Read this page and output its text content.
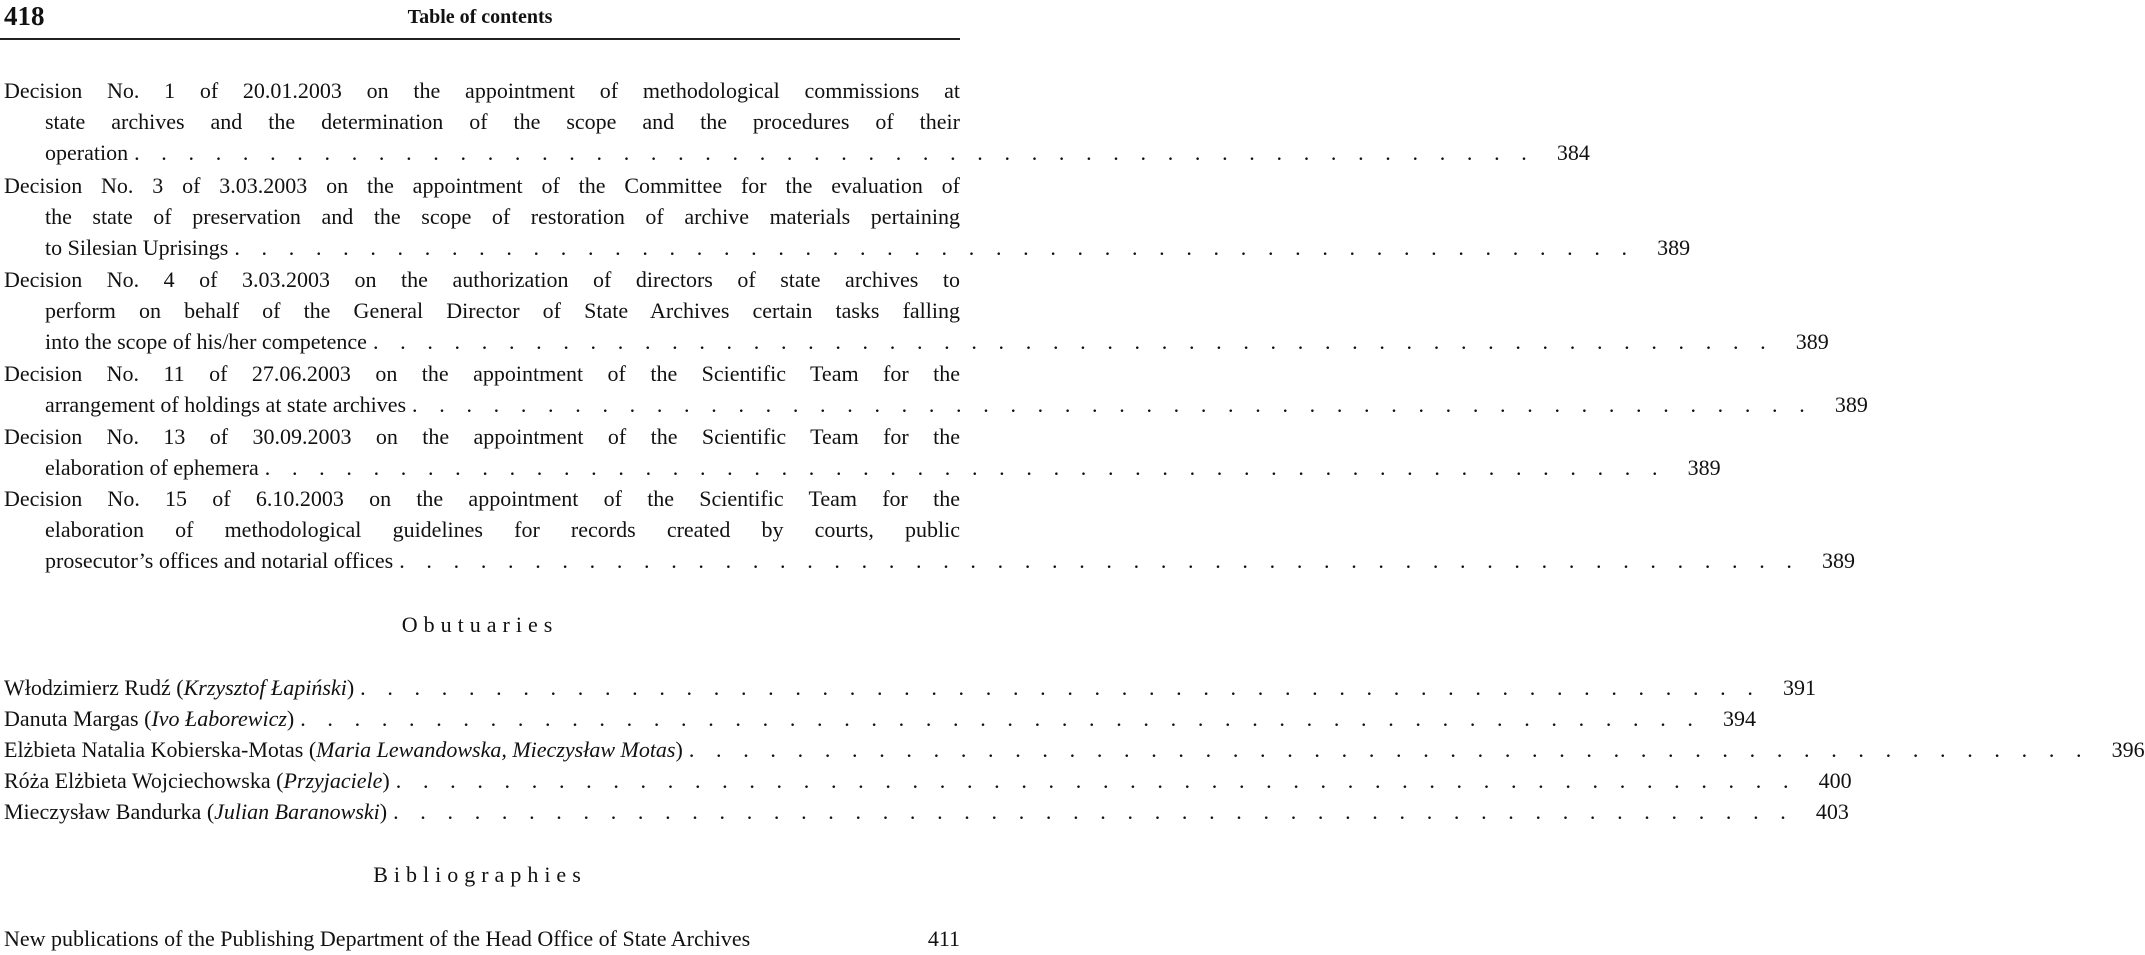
418	Table of contents
Decision No. 1 of 20.01.2003 on the appointment of methodological commissions at
state archives and the determination of the scope and the procedures of their
operation . . . . . . . . . . . . . . . . . . . . . . . . . . . . . . . . . . . . . . . . . . . . . . . . . . . . 384
Decision No. 3 of 3.03.2003 on the appointment of the Committee for the evaluation of
the state of preservation and the scope of restoration of archive materials pertaining
to Silesian Uprisings . . . . . . . . . . . . . . . . . . . . . . . . . . . . . . . . . . . . . . . . . . . . . . . . . . . . 389
Decision No. 4 of 3.03.2003 on the authorization of directors of state archives to
perform on behalf of the General Director of State Archives certain tasks falling
into the scope of his/her competence . . . . . . . . . . . . . . . . . . . . . . . . . . . . . . . . . . . . . . . . . . . . . . . . . . . . 389
Decision No. 11 of 27.06.2003 on the appointment of the Scientific Team for the
arrangement of holdings at state archives . . . . . . . . . . . . . . . . . . . . . . . . . . . . . . . . . . . . . . . . . . . . . . . . . . . . 389
Decision No. 13 of 30.09.2003 on the appointment of the Scientific Team for the
elaboration of ephemera . . . . . . . . . . . . . . . . . . . . . . . . . . . . . . . . . . . . . . . . . . . . . . . . . . . . 389
Decision No. 15 of 6.10.2003 on the appointment of the Scientific Team for the
elaboration of methodological guidelines for records created by courts, public
prosecutor’s offices and notarial offices . . . . . . . . . . . . . . . . . . . . . . . . . . . . . . . . . . . . . . . . . . . . . . . . . . . . 389
Obutuaries
Włodzimierz Rudź (Krzysztof Łapiński) . . . . . . . . . . . . . . . . . . . . . . . . . . . . . . . . . . . . . . . . . . . . . . . . . . . . 391
Danuta Margas (Ivo Łaborewicz) . . . . . . . . . . . . . . . . . . . . . . . . . . . . . . . . . . . . . . . . . . . . . . . . . . . . 394
Elżbieta Natalia Kobierska-Motas (Maria Lewandowska, Mieczysław Motas) . . . . . . . . . . . . . . . . . . . . . . . . . . . . . . . . . . . . . . . . . . . . . . . . . . . . 396
Róża Elżbieta Wojciechowska (Przyjaciele) . . . . . . . . . . . . . . . . . . . . . . . . . . . . . . . . . . . . . . . . . . . . . . . . . . . . 400
Mieczysław Bandurka (Julian Baranowski) . . . . . . . . . . . . . . . . . . . . . . . . . . . . . . . . . . . . . . . . . . . . . . . . . . . . 403
Bibliographies
New publications of the Publishing Department of the Head Office of State Archives	411
